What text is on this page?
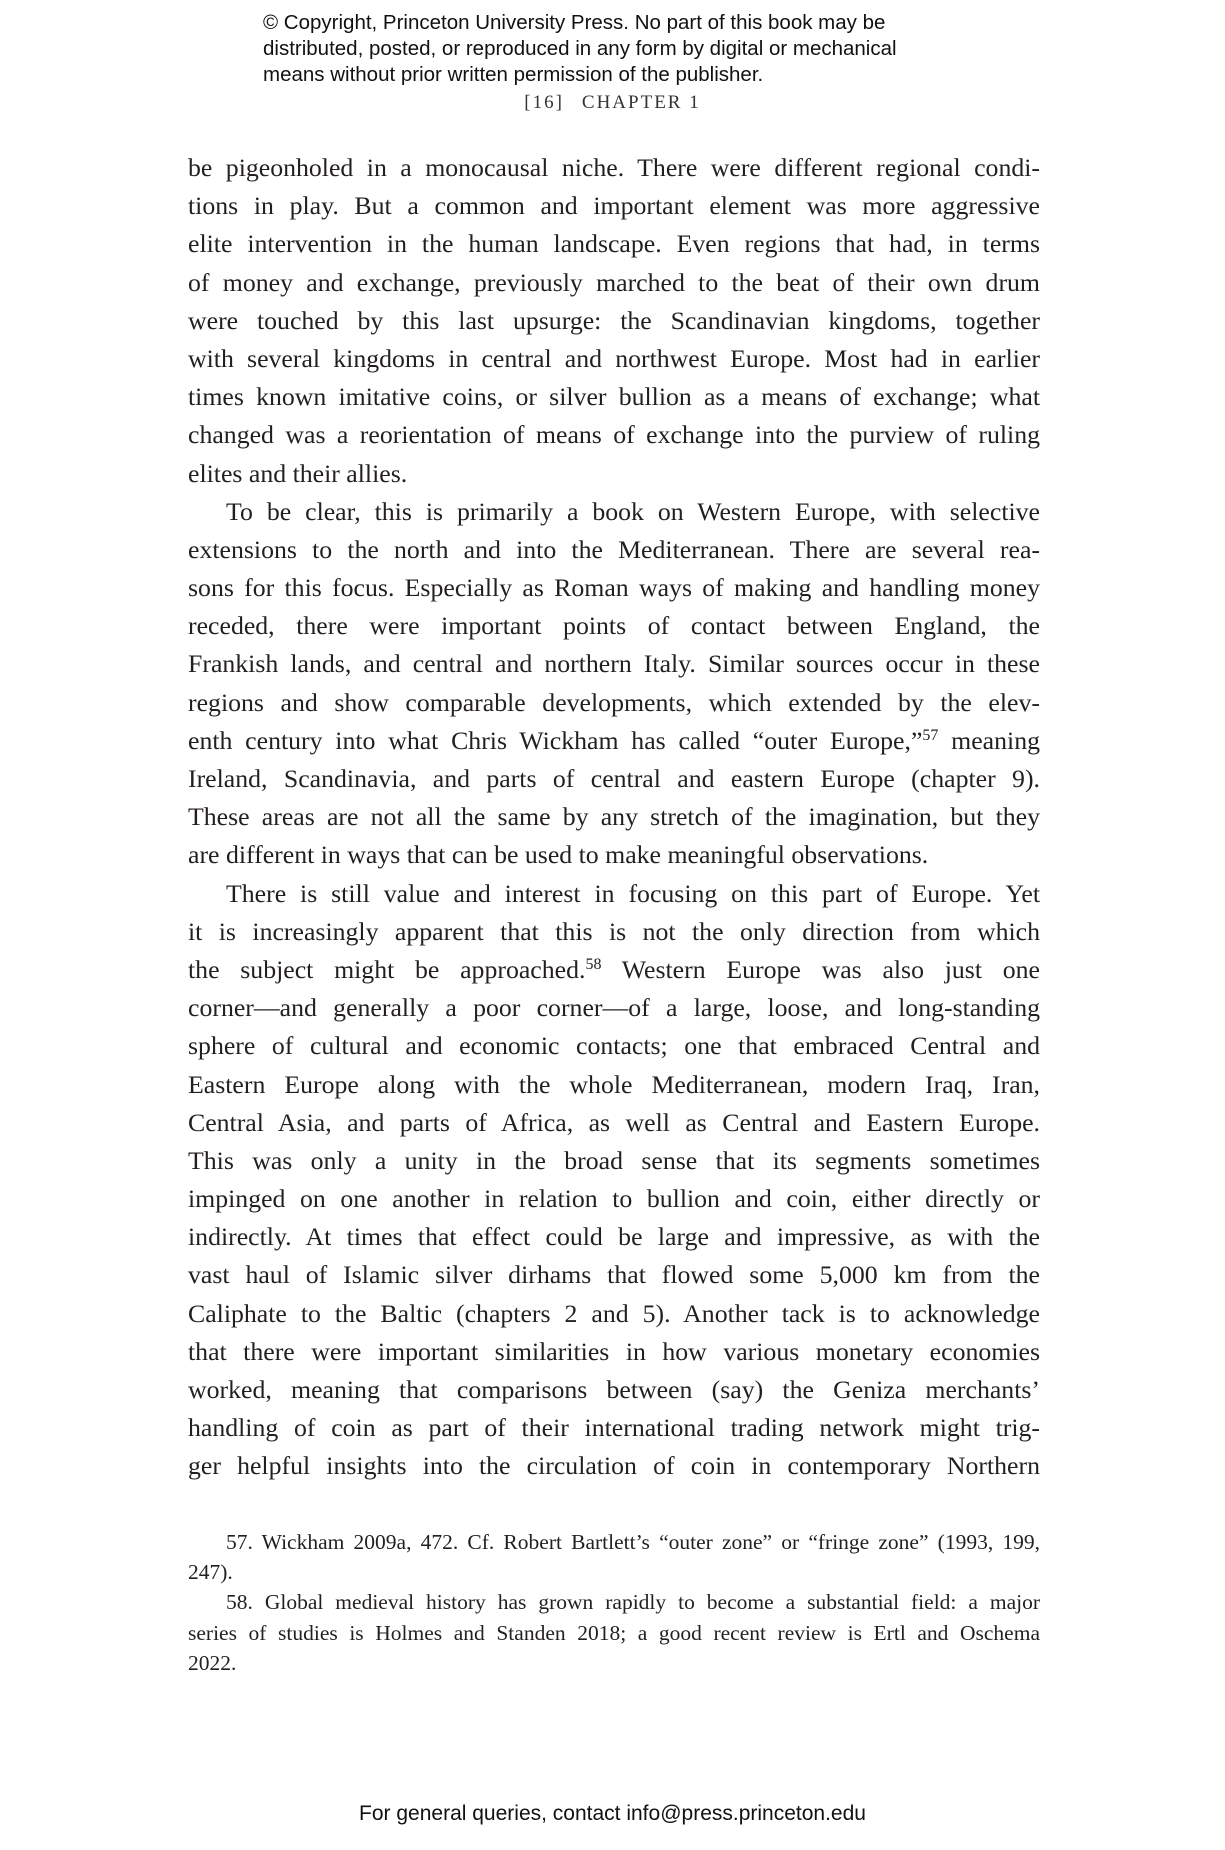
© Copyright, Princeton University Press. No part of this book may be
distributed, posted, or reproduced in any form by digital or mechanical
means without prior written permission of the publisher.
[16] CHAPTER 1
be pigeonholed in a monocausal niche. There were different regional condi-
tions in play. But a common and important element was more aggressive
elite intervention in the human landscape. Even regions that had, in terms
of money and exchange, previously marched to the beat of their own drum
were touched by this last upsurge: the Scandinavian kingdoms, together
with several kingdoms in central and northwest Europe. Most had in earlier
times known imitative coins, or silver bullion as a means of exchange; what
changed was a reorientation of means of exchange into the purview of ruling
elites and their allies.
To be clear, this is primarily a book on Western Europe, with selective
extensions to the north and into the Mediterranean. There are several rea-
sons for this focus. Especially as Roman ways of making and handling money
receded, there were important points of contact between England, the
Frankish lands, and central and northern Italy. Similar sources occur in these
regions and show comparable developments, which extended by the elev-
enth century into what Chris Wickham has called “outer Europe,”$^{57}$ meaning
Ireland, Scandinavia, and parts of central and eastern Europe (chapter 9).
These areas are not all the same by any stretch of the imagination, but they
are different in ways that can be used to make meaningful observations.
There is still value and interest in focusing on this part of Europe. Yet
it is increasingly apparent that this is not the only direction from which
the subject might be approached.$^{58}$ Western Europe was also just one
corner—and generally a poor corner—of a large, loose, and long-standing
sphere of cultural and economic contacts; one that embraced Central and
Eastern Europe along with the whole Mediterranean, modern Iraq, Iran,
Central Asia, and parts of Africa, as well as Central and Eastern Europe.
This was only a unity in the broad sense that its segments sometimes
impinged on one another in relation to bullion and coin, either directly or
indirectly. At times that effect could be large and impressive, as with the
vast haul of Islamic silver dirhams that flowed some 5,000 km from the
Caliphate to the Baltic (chapters 2 and 5). Another tack is to acknowledge
that there were important similarities in how various monetary economies
worked, meaning that comparisons between (say) the Geniza merchants’
handling of coin as part of their international trading network might trig-
ger helpful insights into the circulation of coin in contemporary Northern
57. Wickham 2009a, 472. Cf. Robert Bartlett’s “outer zone” or “fringe zone” (1993, 199,
247).
58. Global medieval history has grown rapidly to become a substantial field: a major
series of studies is Holmes and Standen 2018; a good recent review is Ertl and Oschema
2022.
For general queries, contact info@press.princeton.edu
